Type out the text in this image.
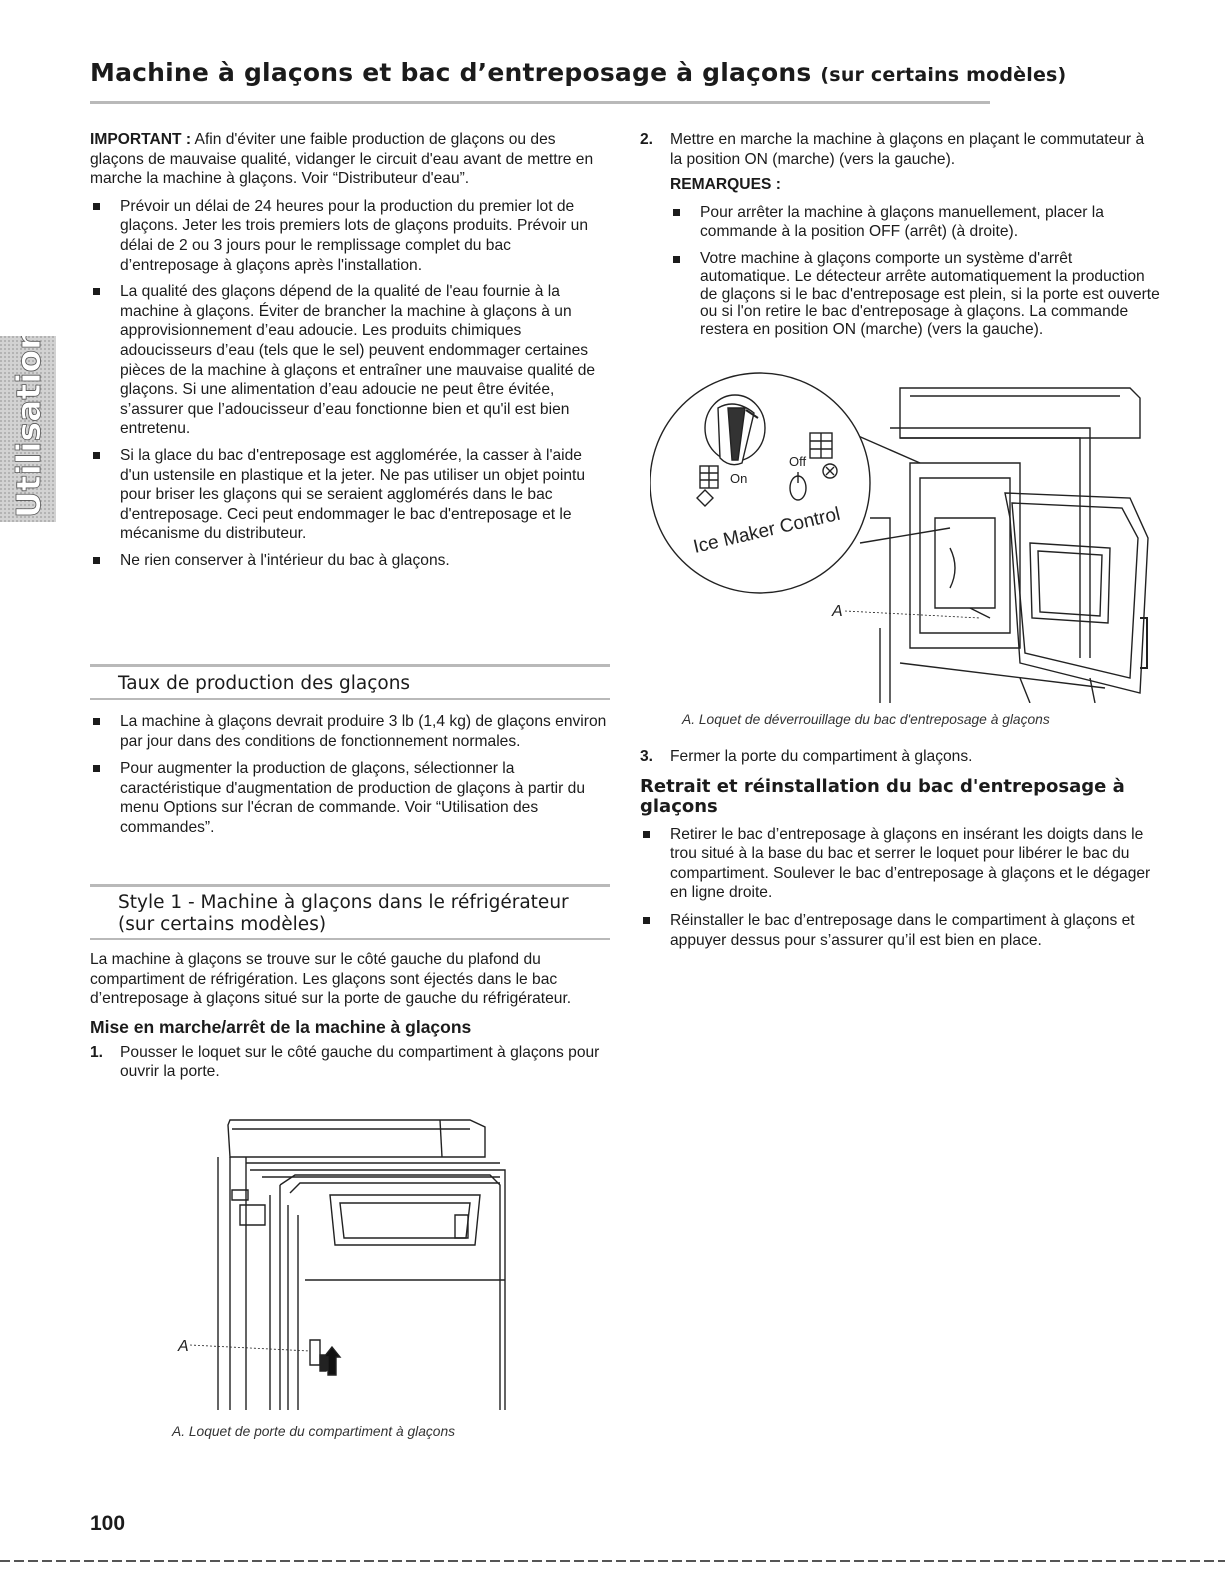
Machine à glaçons et bac d’entreposage à glaçons (sur certains modèles)
Utilisation

IMPORTANT : Afin d'éviter une faible production de glaçons ou des glaçons de mauvaise qualité, vidanger le circuit d'eau avant de mettre en marche la machine à glaçons. Voir “Distributeur d'eau”.

Prévoir un délai de 24 heures pour la production du premier lot de glaçons. Jeter les trois premiers lots de glaçons produits. Prévoir un délai de 2 ou 3 jours pour le remplissage complet du bac d’entreposage à glaçons après l'installation.
La qualité des glaçons dépend de la qualité de l'eau fournie à la machine à glaçons. Éviter de brancher la machine à glaçons à un approvisionnement d’eau adoucie. Les produits chimiques adoucisseurs d’eau (tels que le sel) peuvent endommager certaines pièces de la machine à glaçons et entraîner une mauvaise qualité de glaçons. Si une alimentation d’eau adoucie ne peut être évitée, s’assurer que l’adoucisseur d’eau fonctionne bien et qu'il est bien entretenu.
Si la glace du bac d'entreposage est agglomérée, la casser à l'aide d'un ustensile en plastique et la jeter. Ne pas utiliser un objet pointu pour briser les glaçons qui se seraient agglomérés dans le bac d'entreposage. Ceci peut endommager le bac d'entreposage et le mécanisme du distributeur.
Ne rien conserver à l'intérieur du bac à glaçons.
Taux de production des glaçons
La machine à glaçons devrait produire 3 lb (1,4 kg) de glaçons environ par jour dans des conditions de fonctionnement normales.
Pour augmenter la production de glaçons, sélectionner la caractéristique d'augmentation de production de glaçons à partir du menu Options sur l'écran de commande. Voir “Utilisation des commandes”.
Style 1 - Machine à glaçons dans le réfrigérateur
(sur certains modèles)

La machine à glaçons se trouve sur le côté gauche du plafond du compartiment de réfrigération. Les glaçons sont éjectés dans le bac d’entreposage à glaçons situé sur la porte de gauche du réfrigérateur.

Mise en marche/arrêt de la machine à glaçons
1. Pousser le loquet sur le côté gauche du compartiment à glaçons pour ouvrir la porte.
A
A. Loquet de porte du compartiment à glaçons
2. Mettre en marche la machine à glaçons en plaçant le commutateur à la position ON (marche) (vers la gauche).
REMARQUES :
Pour arrêter la machine à glaçons manuellement, placer la commande à la position OFF (arrêt) (à droite).
Votre machine à glaçons comporte un système d'arrêt automatique. Le détecteur arrête automatiquement la production de glaçons si le bac d'entreposage est plein, si la porte est ouverte ou si l'on retire le bac d'entreposage à glaçons. La commande restera en position ON (marche) (vers la gauche).
On
Off
Ice Maker Control
A
A. Loquet de déverrouillage du bac d'entreposage à glaçons
3. Fermer la porte du compartiment à glaçons.
Retrait et réinstallation du bac d'entreposage à glaçons
Retirer le bac d’entreposage à glaçons en insérant les doigts dans le trou situé à la base du bac et serrer le loquet pour libérer le bac du compartiment. Soulever le bac d’entreposage à glaçons et le dégager en ligne droite.
Réinstaller le bac d’entreposage dans le compartiment à glaçons et appuyer dessus pour s’assurer qu’il est bien en place.
100
